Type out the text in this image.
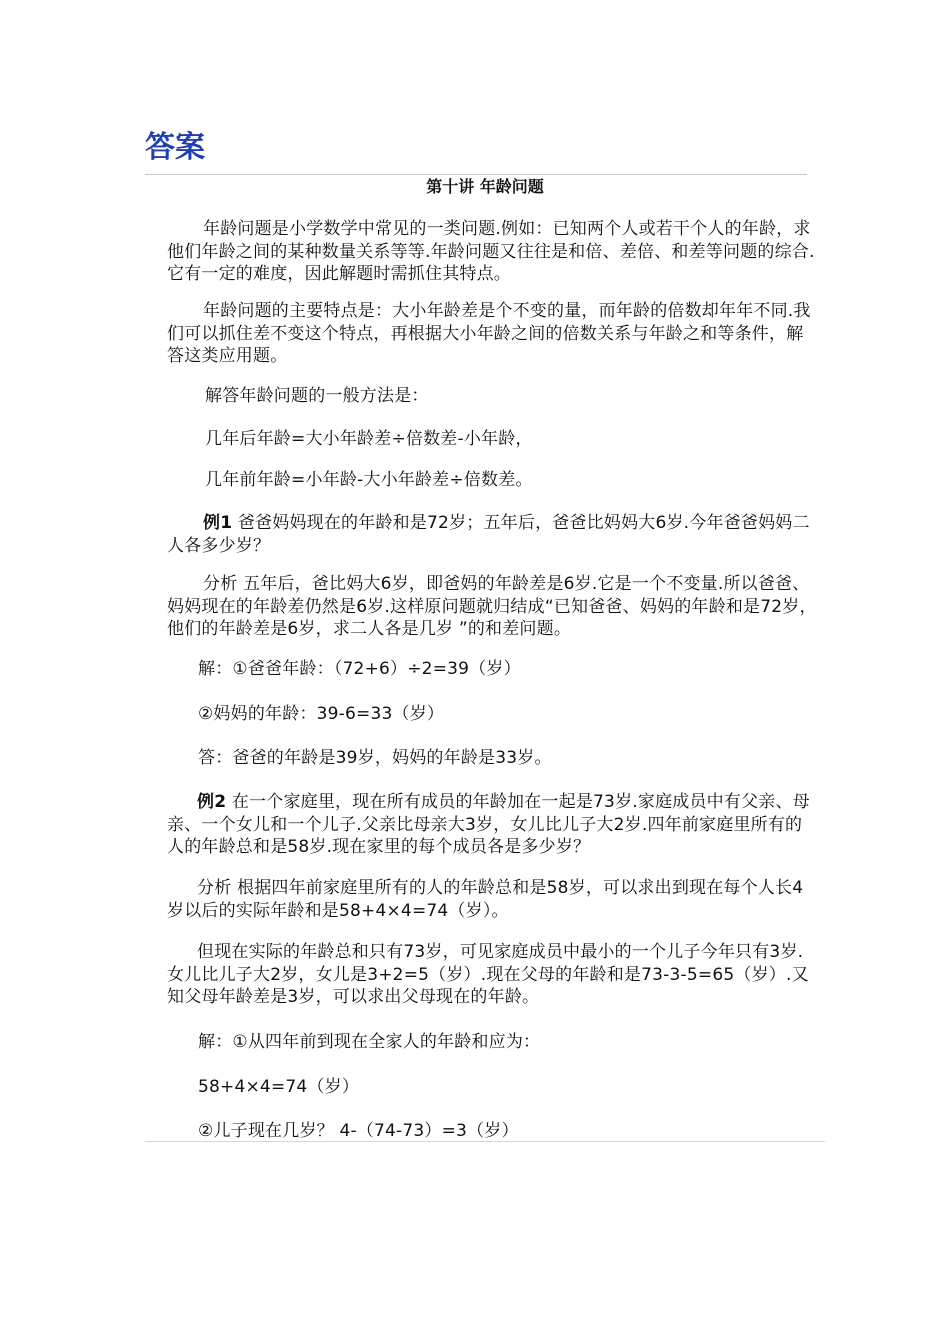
答案
第十讲 年龄问题

年龄问题是小学数学中常见的一类问题.例如：已知两个人或若干个人的年龄，求他们年龄之间的某种数量关系等等.年龄问题又往往是和倍、差倍、和差等问题的综合.它有一定的难度，因此解题时需抓住其特点。

年龄问题的主要特点是：大小年龄差是个不变的量，而年龄的倍数却年年不同.我们可以抓住差不变这个特点，再根据大小年龄之间的倍数关系与年龄之和等条件，解答这类应用题。

解答年龄问题的一般方法是：

几年后年龄=大小年龄差÷倍数差-小年龄，

几年前年龄=小年龄-大小年龄差÷倍数差。

例1 爸爸妈妈现在的年龄和是72岁；五年后，爸爸比妈妈大6岁.今年爸爸妈妈二人各多少岁？

分析 五年后，爸比妈大6岁，即爸妈的年龄差是6岁.它是一个不变量.所以爸爸、妈妈现在的年龄差仍然是6岁.这样原问题就归结成“已知爸爸、妈妈的年龄和是72岁，他们的年龄差是6岁，求二人各是几岁 ”的和差问题。

解：①爸爸年龄：（72+6）÷2=39（岁）

②妈妈的年龄：39-6=33（岁）

答：爸爸的年龄是39岁，妈妈的年龄是33岁。

例2 在一个家庭里，现在所有成员的年龄加在一起是73岁.家庭成员中有父亲、母亲、一个女儿和一个儿子.父亲比母亲大3岁，女儿比儿子大2岁.四年前家庭里所有的人的年龄总和是58岁.现在家里的每个成员各是多少岁？

分析 根据四年前家庭里所有的人的年龄总和是58岁，可以求出到现在每个人长4岁以后的实际年龄和是58+4×4=74（岁）。

但现在实际的年龄总和只有73岁，可见家庭成员中最小的一个儿子今年只有3岁.女儿比儿子大2岁，女儿是3+2=5（岁）.现在父母的年龄和是73-3-5=65（岁）.又知父母年龄差是3岁，可以求出父母现在的年龄。

解：①从四年前到现在全家人的年龄和应为：

58+4×4=74（岁）

②儿子现在几岁？ 4-（74-73）=3（岁）
